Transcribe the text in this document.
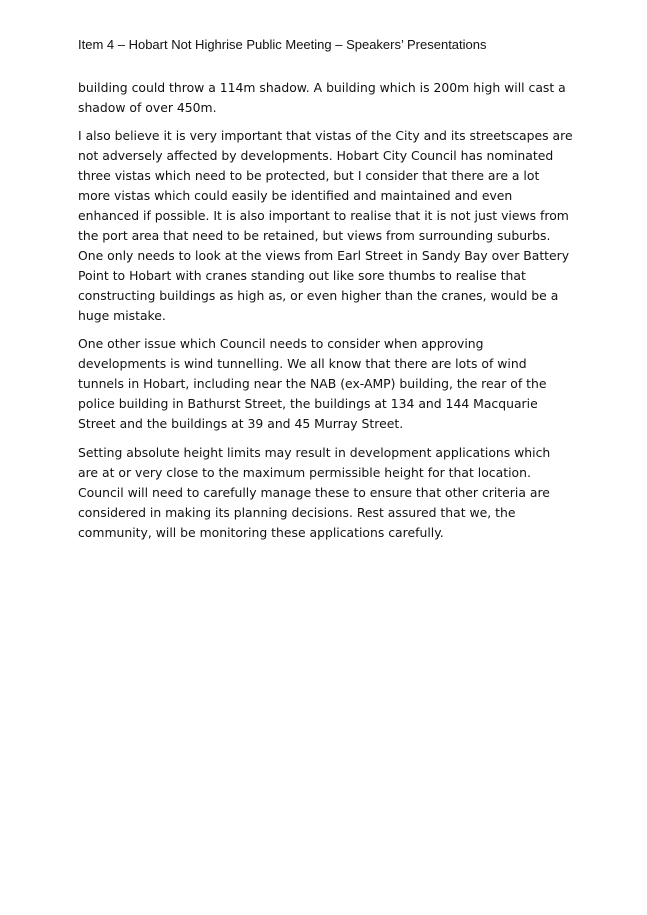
Item 4 – Hobart Not Highrise Public Meeting – Speakers’ Presentations
building could throw a 114m shadow. A building which is 200m high will cast a
shadow of over 450m.
I also believe it is very important that vistas of the City and its streetscapes are
not adversely affected by developments. Hobart City Council has nominated
three vistas which need to be protected, but I consider that there are a lot
more vistas which could easily be identified and maintained and even
enhanced if possible. It is also important to realise that it is not just views from
the port area that need to be retained, but views from surrounding suburbs.
One only needs to look at the views from Earl Street in Sandy Bay over Battery
Point to Hobart with cranes standing out like sore thumbs to realise that
constructing buildings as high as, or even higher than the cranes, would be a
huge mistake.
One other issue which Council needs to consider when approving
developments is wind tunnelling. We all know that there are lots of wind
tunnels in Hobart, including near the NAB (ex-AMP) building, the rear of the
police building in Bathurst Street, the buildings at 134 and 144 Macquarie
Street and the buildings at 39 and 45 Murray Street.
Setting absolute height limits may result in development applications which
are at or very close to the maximum permissible height for that location.
Council will need to carefully manage these to ensure that other criteria are
considered in making its planning decisions. Rest assured that we, the
community, will be monitoring these applications carefully.
